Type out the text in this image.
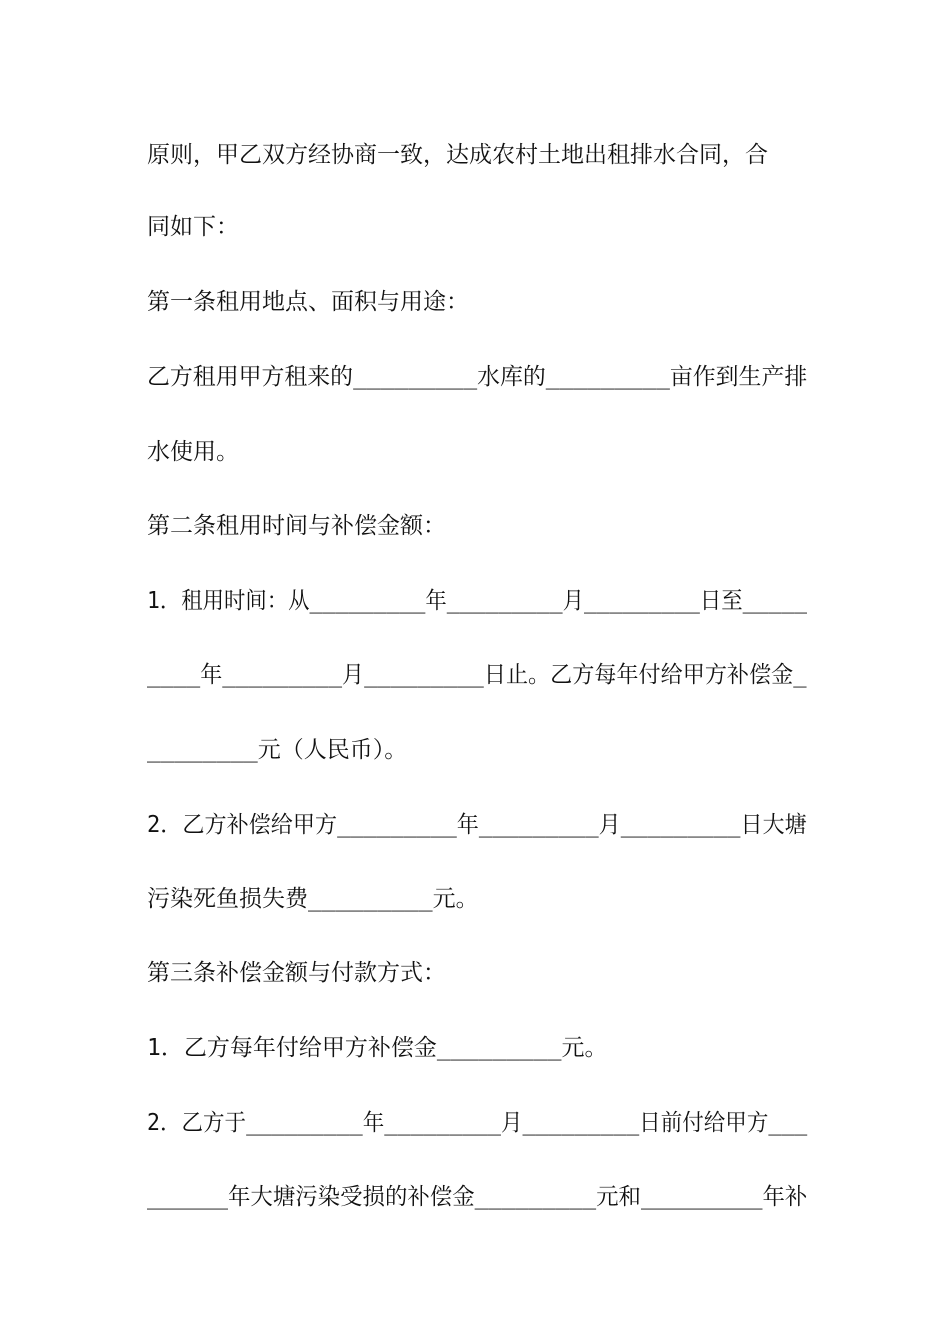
原则，甲乙双方经协商一致，达成农村土地出租排水合同，合
同如下：
第一条租用地点、面积与用途：
乙方租用甲方租来的_________水库的_________亩作到生产排
水使用。
第二条租用时间与补偿金额：
1．租用时间：从_________年_________月_________日至_____
____年_________月_________日止。乙方每年付给甲方补偿金_
________元（人民币）。
2．乙方补偿给甲方_________年_________月_________日大塘
污染死鱼损失费_________元。
第三条补偿金额与付款方式：
1．乙方每年付给甲方补偿金_________元。
2．乙方于_________年_________月_________日前付给甲方___
______年大塘污染受损的补偿金_________元和_________年补
